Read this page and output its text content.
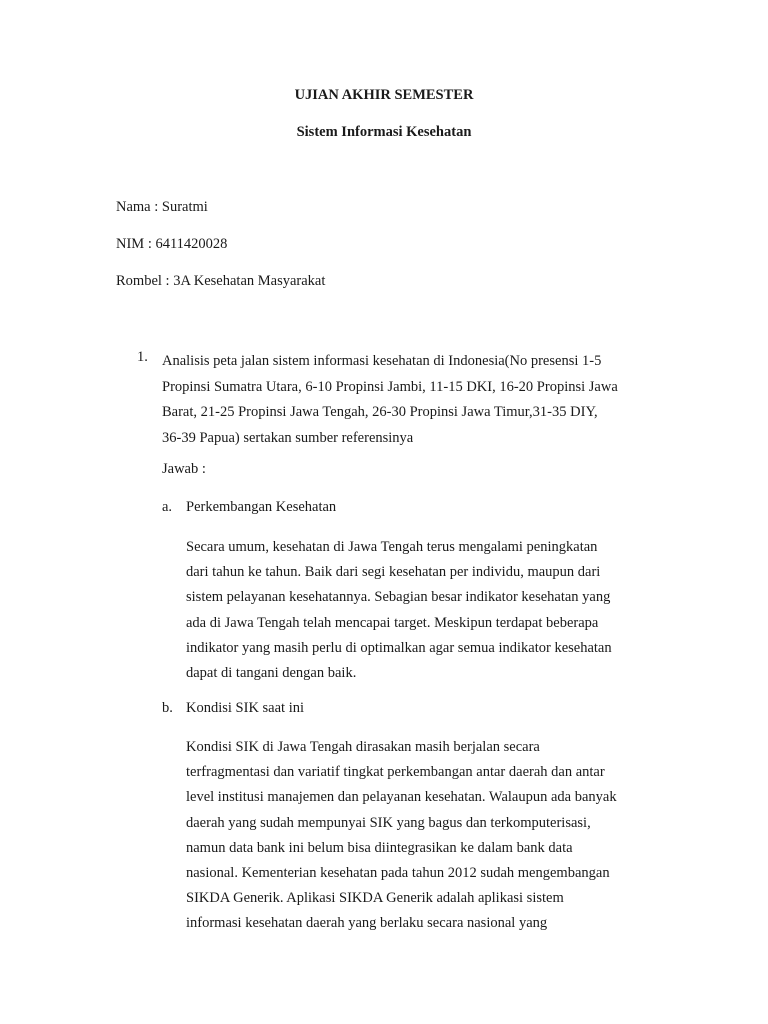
UJIAN AKHIR SEMESTER
Sistem Informasi Kesehatan
Nama : Suratmi
NIM : 6411420028
Rombel : 3A Kesehatan Masyarakat
1. Analisis peta jalan sistem informasi kesehatan di Indonesia(No presensi 1-5
Propinsi Sumatra Utara, 6-10 Propinsi Jambi, 11-15 DKI, 16-20 Propinsi Jawa
Barat, 21-25 Propinsi Jawa Tengah, 26-30 Propinsi Jawa Timur,31-35 DIY,
36-39 Papua) sertakan sumber referensinya
Jawab :
a. Perkembangan Kesehatan
Secara umum, kesehatan di Jawa Tengah terus mengalami peningkatan
dari tahun ke tahun. Baik dari segi kesehatan per individu, maupun dari
sistem pelayanan kesehatannya. Sebagian besar indikator kesehatan yang
ada di Jawa Tengah telah mencapai target. Meskipun terdapat beberapa
indikator yang masih perlu di optimalkan agar semua indikator kesehatan
dapat di tangani dengan baik.
b. Kondisi SIK saat ini
Kondisi SIK di Jawa Tengah dirasakan masih berjalan secara
terfragmentasi dan variatif tingkat perkembangan antar daerah dan antar
level institusi manajemen dan pelayanan kesehatan. Walaupun ada banyak
daerah yang sudah mempunyai SIK yang bagus dan terkomputerisasi,
namun data bank ini belum bisa diintegrasikan ke dalam bank data
nasional. Kementerian kesehatan pada tahun 2012 sudah mengembangan
SIKDA Generik. Aplikasi SIKDA Generik adalah aplikasi sistem
informasi kesehatan daerah yang berlaku secara nasional yang
